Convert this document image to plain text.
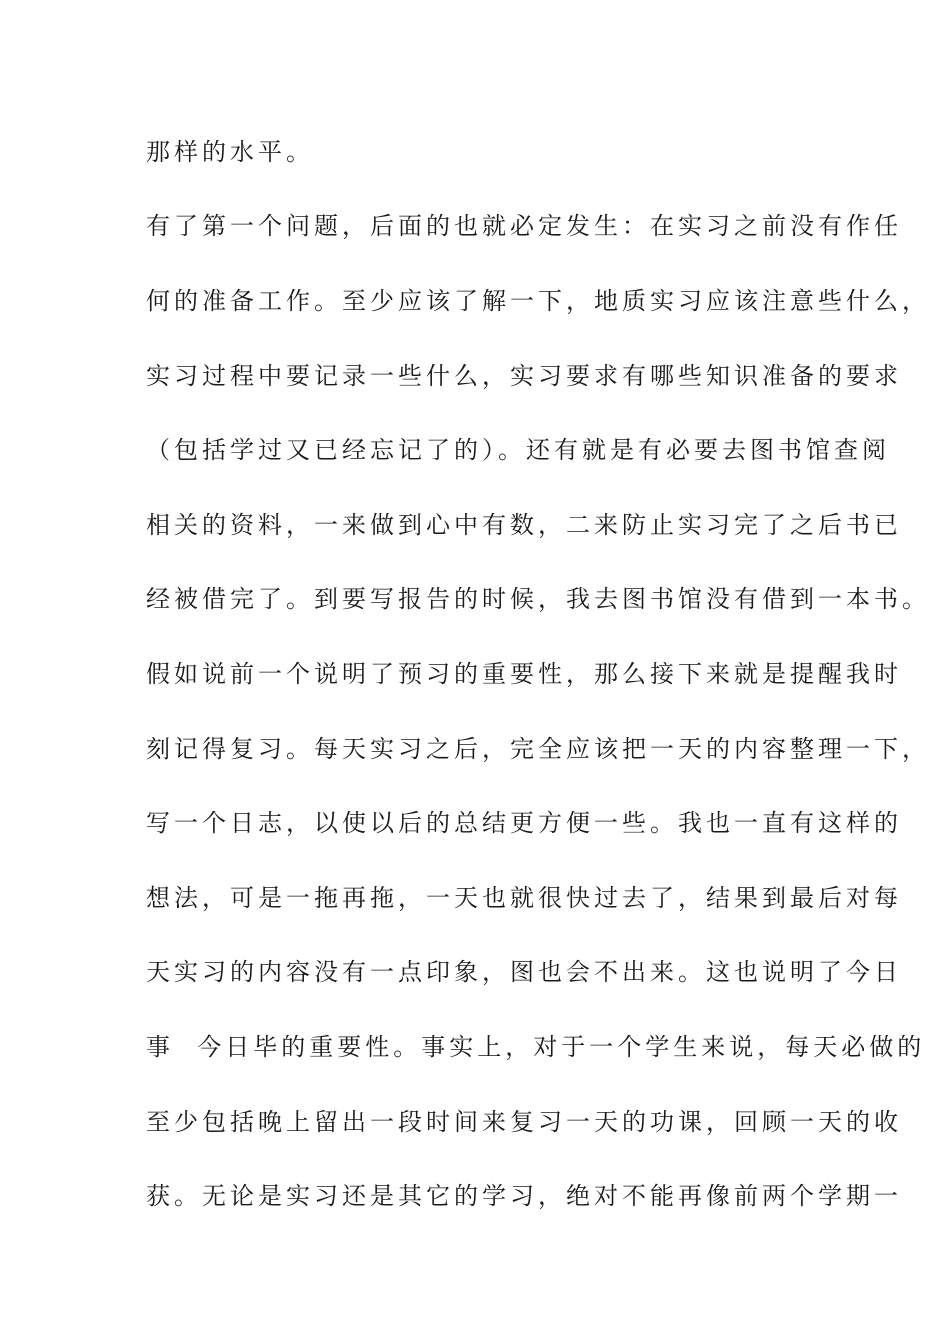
那样的水平。
有了第一个问题，后面的也就必定发生：在实习之前没有作任
何的准备工作。至少应该了解一下，地质实习应该注意些什么，
实习过程中要记录一些什么，实习要求有哪些知识准备的要求
（包括学过又已经忘记了的）。还有就是有必要去图书馆查阅
相关的资料，一来做到心中有数，二来防止实习完了之后书已
经被借完了。到要写报告的时候，我去图书馆没有借到一本书。
假如说前一个说明了预习的重要性，那么接下来就是提醒我时
刻记得复习。每天实习之后，完全应该把一天的内容整理一下，
写一个日志，以使以后的总结更方便一些。我也一直有这样的
想法，可是一拖再拖，一天也就很快过去了，结果到最后对每
天实习的内容没有一点印象，图也会不出来。这也说明了今日
事  今日毕的重要性。事实上，对于一个学生来说，每天必做的
至少包括晚上留出一段时间来复习一天的功课，回顾一天的收
获。无论是实习还是其它的学习，绝对不能再像前两个学期一
